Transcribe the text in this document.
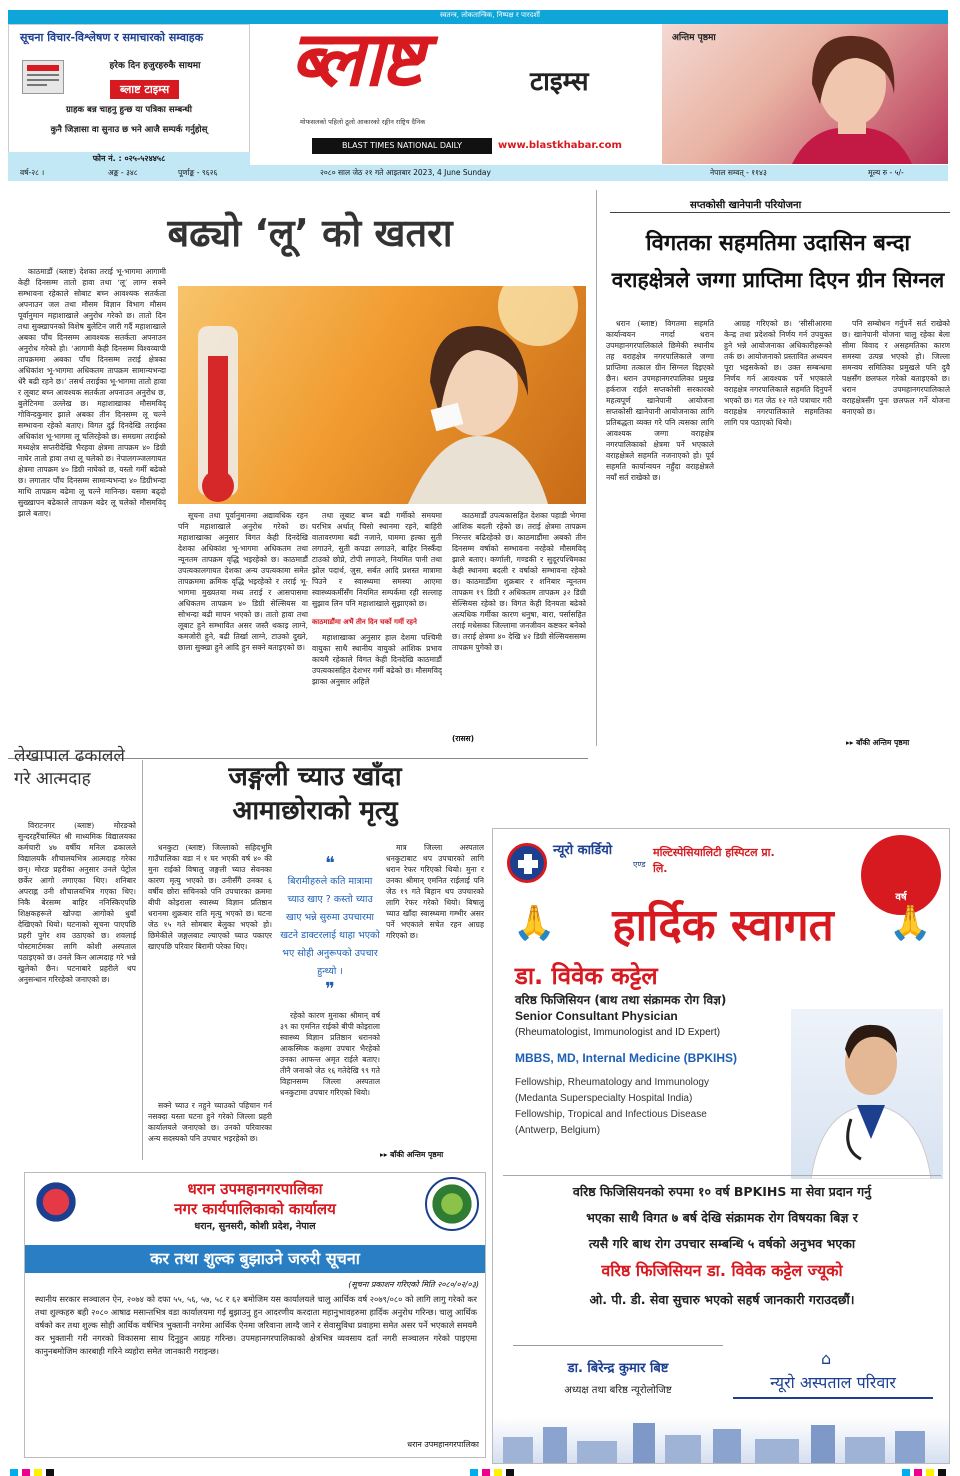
स्वतन्त्र, लोकतान्त्रिक, निष्पक्ष र पारदर्शी
सूचना विचार-विश्लेषण र समाचारको सम्वाहक
हरेक दिन हजुरहरुकै साथमा
ब्लाष्ट टाइम्स
ग्राहक बन्न चाहनु हुन्छ या पत्रिका सम्बन्धी
कुनै जिज्ञासा वा सुनाउ छ भने आजै सम्पर्क गर्नुहोस्
फोन नं. : ०२५-५२४४५८
ब्लाष्ट	टाइम्स
मोफसलको पहिलो ठूलो आकारको रङ्गीन राष्ट्रिय दैनिक
BLAST TIMES NATIONAL DAILY	www.blastkhabar.com
अन्तिम पृष्ठमा
वर्ष-२८ ।	अङ्क - ३४८	पूर्णाङ्क - ९६२६	२०८० साल जेठ २१ गते आइतबार 2023, 4 June Sunday	नेपाल सम्वत् - ११४३	मूल्य रु - ५/-
बढ्यो ‘लू’ को खतरा

काठमाडौं (ब्लाष्ट) देशका तराई भू-भागमा आगामी केही दिनसम्म तातो हावा तथा ‘लू’ लाग्न सक्ने सम्भावना रहेकाले सोबाट बच्न आवश्यक सतर्कता अपनाउन जल तथा मौसम विज्ञान विभाग मौसम पूर्वानुमान महाशाखाले अनुरोध गरेको छ। तातो दिन तथा सुक्खापनको विशेष बुलेटिन जारी गर्दै महाशाखाले अबका पाँच दिनसम्म आवश्यक सतर्कता अपनाउन अनुरोध गरेको हो। ‘आगामी केही दिनसम्म विश्वव्यापी तापक्रममा अबका पाँच दिनसम्म तराई क्षेत्रका अधिकांश भू-भागमा अधिकतम तापक्रम सामान्यभन्दा धेरै बढी रहने छ।’ तसर्थ तराईका भू-भागमा तातो हावा र लूबाट बच्न आवश्यक सतर्कता अपनाउन अनुरोध छ, बुलेटिनमा उल्लेख छ। महाशाखाका मौसमविद् गोविन्दकुमार झाले अबका तीन दिनसम्म लू चल्ने सम्भावना रहेको बताए। विगत दुई दिनदेखि तराईका अधिकांश भू-भागमा लू चलिरहेको छ। समग्रमा तराईको मध्यक्षेत्र सप्तरीदेखि भैरहवा क्षेत्रमा तापक्रम ४० डिग्री नाघेर तातो हावा तथा लू चलेको छ। नेपालगञ्जलगायत क्षेत्रमा तापक्रम ४० डिग्री नाघेको छ, यस्तो गर्मी बढेको छ। लगातार पाँच दिनसम्म सामान्यभन्दा ४० डिग्रीभन्दा माथि तापक्रम बढेमा लू चल्ने मानिन्छ। यसमा बढ्दो सुख्खापन बढेकाले तापक्रम बढेर लू चलेको मौसमविद् झाले बताए।	सूचना तथा पूर्वानुमानमा अद्यावधिक रहन पनि महाशाखाले अनुरोध गरेको छ। महाशाखाका अनुसार विगत केही दिनदेखि देशका अधिकांश भू-भागमा अधिकतम तथा न्यूनतम तापक्रम वृद्धि भइरहेको छ। काठमाडौं उपत्यकालगायत देशका अन्य उपत्यकामा समेत तापक्रममा क्रमिक वृद्धि भइरहेको र तराई भू-भागमा मुख्यतया मध्य तराई र आसपासमा अधिकतम तापक्रम ४० डिग्री सेल्सियस वा सोभन्दा बढी मापन भएको छ। तातो हावा तथा लूबाट हुने सम्भावित असर जस्तै थकाइ लाग्ने, कमजोरी हुने, बढी तिर्खा लाग्ने, टाउको दुख्ने, छाला सुक्खा हुने आदि हुन सक्ने बताइएको छ।

तथा लूबाट बच्न बढी गर्मीको समयमा घरभित्र अर्थात् चिसो स्थानमा रहने, बाहिरी वातावरणमा बढी नजाने, घाममा हल्का सुती लगाउने, सुती कपडा लगाउने, बाहिर निस्कँदा टाउको छोप्ने, टोपी लगाउने, नियमित पानी तथा झोल पदार्थ, जुस, सर्बत आदि प्रशस्त मात्रामा पिउने र स्वास्थ्यमा समस्या आएमा स्वास्थ्यकर्मीसँग नियमित सम्पर्कमा रही सल्लाह सुझाव लिन पनि महाशाखाले सुझाएको छ।

काठमाडौंमा अभैं तीन दिन चर्को गर्मी रहने

महाशाखाका अनुसार हाल देशमा पश्चिमी वायुका साथै स्थानीय वायुको आंशिक प्रभाव कायमै रहेकाले विगत केही दिनदेखि काठमाडौं उपत्यकासहित देशभर गर्मी बढेको छ। मौसमविद् झाका अनुसार अहिले

काठमाडौं उपत्यकासहित देशका पहाडी भेगमा आंशिक बदली रहेको छ। तराई क्षेत्रमा तापक्रम निरन्तर बढिरहेको छ। काठमाडौंमा अबको तीन दिनसम्म वर्षाको सम्भावना नरहेको मौसमविद् झाले बताए। कर्णाली, गण्डकी र सुदूरपश्चिमका केही स्थानमा बदली र वर्षाको सम्भावना रहेको छ। काठमाडौंमा शुक्रबार र शनिबार न्यूनतम तापक्रम १९ डिग्री र अधिकतम तापक्रम ३२ डिग्री सेल्सियस रहेको छ। विगत केही दिनयता बढेको अत्यधिक गर्मीका कारण धनुषा, बारा, पर्सासहित तराई मधेसका जिल्लामा जनजीवन कष्टकर बनेको छ। तराई क्षेत्रमा ४० देखि ४२ डिग्री सेल्सियससम्म तापक्रम पुगेको छ।

(रासस)
सप्तकोसी खानेपानी परियोजना
विगतका सहमतिमा उदासिन बन्दा
वराहक्षेत्रले जग्गा प्राप्तिमा दिएन ग्रीन सिग्नल

धरान (ब्लाष्ट) विगतमा सहमति कार्यान्वयन नगर्दा धरान उपमहानगरपालिकाले छिमेकी स्थानीय तह वराहक्षेत्र नगरपालिकाले जग्गा प्राप्तिमा तत्काल ग्रीन सिग्नल दिइएको छैन। धरान उपमहानगरपालिका प्रमुख हर्कराज राईले सप्तकोसी सरकारको महत्वपूर्ण खानेपानी आयोजना सप्तकोसी खानेपानी आयोजनाका लागि प्रतिबद्धता व्यक्त गरे पनि त्यसका लागि आवश्यक जग्गा वराहक्षेत्र नगरपालिकाको क्षेत्रमा पर्ने भएकाले वराहक्षेत्रले सहमति नजनाएको हो। पूर्व सहमति कार्यान्वयन नहुँदा वराहक्षेत्रले नयाँ सर्त राखेको छ।

आग्रह गरिएको छ। ‘सीसीआरमा केन्द्र तथा प्रदेशको निर्णय गर्न उपयुक्त हुने भन्ने आयोजनाका अधिकारीहरूको तर्क छ। आयोजनाको प्रस्तावित अध्ययन पूरा भइसकेको छ। उक्त सम्बन्धमा निर्णय गर्न आवश्यक पर्ने भएकाले वराहक्षेत्र नगरपालिकाले सहमति दिनुपर्ने भएको छ। गत जेठ १२ गते पत्राचार गरी वराहक्षेत्र नगरपालिकाले सहमतिका लागि पत्र पठाएको थियो।

पनि सम्बोधन गर्नुपर्ने सर्त राखेको छ। खानेपानी योजना चालु रहेका बेला सीमा विवाद र असहमतिका कारण समस्या उत्पन्न भएको हो। जिल्ला समन्वय समितिका प्रमुखले पनि दुवै पक्षसँग छलफल गरेको बताइएको छ। धरान उपमहानगरपालिकाले वराहक्षेत्रसँग पुनः छलफल गर्ने योजना बनाएको छ।

▸▸ बाँकी अन्तिम पृष्ठमा
लेखापाल ढकालले गरे आत्मदाह

विराटनगर (ब्लाष्ट) मोरङको सुन्दरहरैंचास्थित श्री माध्यमिक विद्यालयका कर्मचारी ४७ वर्षीय मनिल ढकालले विद्यालयकै शौचालयभित्र आत्मदाह गरेका छन्। मोरङ प्रहरीका अनुसार उनले पेट्रोल छर्केर आगो लगाएका थिए। शनिबार अपराह्न उनी शौचालयभित्र गएका थिए। निकै बेरसम्म बाहिर ननिस्किएपछि शिक्षकहरूले खोज्दा आगोको धुवाँ देखिएको थियो। घटनाको सूचना पाएपछि प्रहरी पुगेर शव उठाएको छ। शवलाई पोस्टमार्टमका लागि कोशी अस्पताल पठाइएको छ। उनले किन आत्मदाह गरे भन्ने खुलेको छैन। घटनाबारे प्रहरीले थप अनुसन्धान गरिरहेको जनाएको छ।

जङ्गली च्याउ खाँदा
आमाछोराको मृत्यु

धनकुटा (ब्लाष्ट) जिल्लाको सहिदभूमि गाउँपालिका वडा नं १ घर भएकी वर्ष ४० की मुना राईको विषालु जङ्गली च्याउ सेवनका कारण मृत्यु भएको छ। उनीसँगै उनका ६ वर्षीय छोरा सचिनको पनि उपचारका क्रममा बीपी कोइराला स्वास्थ्य विज्ञान प्रतिष्ठान धरानमा शुक्रबार राति मृत्यु भएको छ। घटना जेठ १५ गते सोमबार बेलुका भएको हो। छिमेकीले जङ्गलबाट ल्याएको च्याउ पकाएर खाएपछि परिवार बिरामी परेका थिए।

❝
बिरामीहरुले कति मात्रामा च्याउ खाए ? कस्तो च्याउ खाए भन्ने सुरुमा उपचारमा खटने डाक्टरलाई थाहा भएको भए सोही अनुरूपको उपचार हुन्थ्यो ।
❞

सक्ने च्याउ र नहुने च्याउको पहिचान गर्न नसक्दा यस्ता घटना हुने गरेको जिल्ला प्रहरी कार्यालयले जनाएको छ। उनको परिवारका अन्य सदस्यको पनि उपचार भइरहेको छ।

रहेको कारण मुनाका श्रीमान् वर्ष ३९ का एमनित राईको बीपी कोइराला स्वास्थ्य विज्ञान प्रतिष्ठान धरानको आकस्मिक कक्षमा उपचार भैरहेको उनका आफन्त अमृत राईले बताए। तीनै जनाको जेठ १६ गतेदेखि ९९ गते विहानसम्म जिल्ला अस्पताल धनकुटामा उपचार गरिएको थियो।

मात्र जिल्ला अस्पताल धनकुटाबाट थप उपचारको लागि धरान रेफर गरिएको थियो। मुना र उनका श्रीमान् एमनित राईलाई पनि जेठ १९ गते बिहान थप उपचारको लागि रेफर गरेको थियो। बिषालु च्याउ खाँदा स्वास्थ्यमा गम्भीर असर पर्ने भएकाले सचेत रहन आग्रह गरिएको छ।

▸▸ बाँकी अन्तिम पृष्ठमा
न्यूरो कार्डियो
एण्ड
मल्टिस्पेसियालिटी हस्पिटल प्रा. लि.
वर्ष
🙏	हार्दिक स्वागत	🙏
डा. विवेक कट्टेल
वरिष्ठ फिजिसियन (बाथ तथा संक्रामक रोग विज्ञ)
Senior Consultant Physician
(Rheumatologist, Immunologist and ID Expert)
MBBS, MD, Internal Medicine (BPKIHS)
Fellowship, Rheumatology and Immunology
(Medanta Superspecialty Hospital India)
Fellowship, Tropical and Infectious Disease
(Antwerp, Belgium)
वरिष्ठ फिजिसियनको रुपमा १० वर्ष BPKIHS मा सेवा प्रदान गर्नु
भएका साथै विगत ७ बर्ष देखि संक्रामक रोग विषयका बिज्ञ र
त्यसै गरि बाथ रोग उपचार सम्बन्धि ५ वर्षको अनुभव भएका
वरिष्ठ फिजिसियन डा. विवेक कट्टेल ज्यूको
ओ. पी. डी. सेवा सुचारु भएको सहर्ष जानकारी गराउदछौं।
डा. बिरेन्द्र कुमार बिष्ट
अध्यक्ष तथा बरिष्ठ न्यूरोलोजिष्ट
⌂
न्यूरो अस्पताल परिवार
धरान उपमहानगरपालिका
नगर कार्यपालिकाको कार्यालय
धरान, सुनसरी, कोशी प्रदेश, नेपाल
कर तथा शुल्क बुझाउने जरुरी सूचना
(सूचना प्रकाशन गरिएको मिति २०८०/०२/०३)

स्थानीय सरकार सञ्चालन ऐन, २०७४ को दफा ५५, ५६, ५७, ५८ र ६२ बमोजिम यस कार्यालयले चालु आर्थिक वर्ष २०७९/०८० को लागि लागु गरेको कर तथा शुल्कहरु बही २०८० आषाढ मसान्तभित्र वडा कार्यालयमा गई बुझाउनु हुन आदरणीय करदाता महानुभावहरुमा हार्दिक अनुरोध गरिन्छ। चालु आर्थिक वर्षको कर तथा शुल्क सोही आर्थिक वर्षभित्र भुक्तानी नगरेमा आर्थिक ऐनमा जरिवाना लाग्दै जाने र सेवासुविधा प्रवाहमा समेत असर पर्ने भएकाले समयमै कर भुक्तानी गरी नगरको विकासमा साथ दिनुहुन आग्रह गरिन्छ। उपमहानगरपालिकाको क्षेत्रभित्र व्यवसाय दर्ता नगरी सञ्चालन गरेको पाइएमा कानुनबमोजिम कारबाही गरिने व्यहोरा समेत जानकारी गराइन्छ।

धरान उपमहानगरपालिका
